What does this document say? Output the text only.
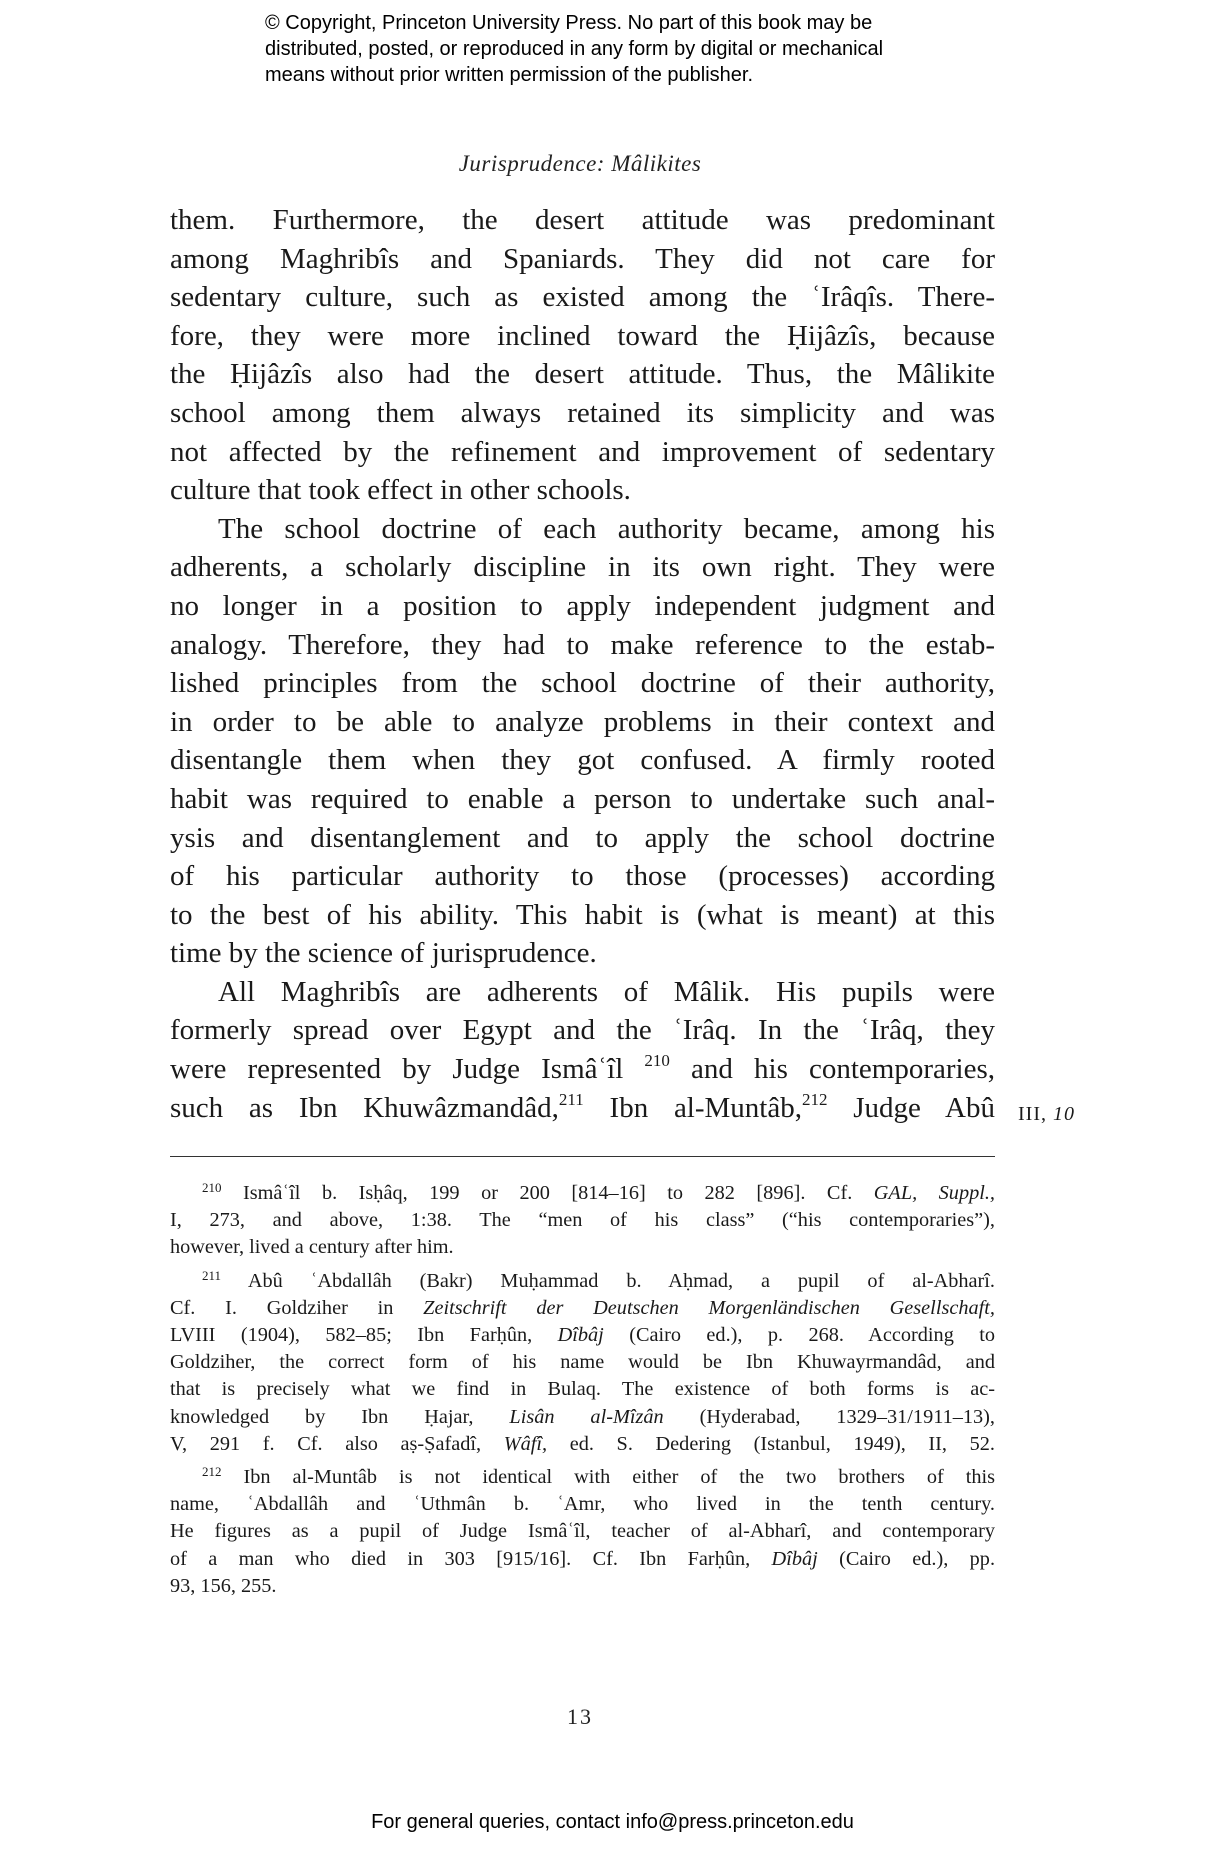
© Copyright, Princeton University Press. No part of this book may be
distributed, posted, or reproduced in any form by digital or mechanical
means without prior written permission of the publisher.
Jurisprudence: Mâlikites
them. Furthermore, the desert attitude was predominant
among Maghribîs and Spaniards. They did not care for
sedentary culture, such as existed among the ʿIrâqîs. There-
fore, they were more inclined toward the Ḥijâzîs, because
the Ḥijâzîs also had the desert attitude. Thus, the Mâlikite
school among them always retained its simplicity and was
not affected by the refinement and improvement of sedentary
culture that took effect in other schools.
The school doctrine of each authority became, among his
adherents, a scholarly discipline in its own right. They were
no longer in a position to apply independent judgment and
analogy. Therefore, they had to make reference to the estab-
lished principles from the school doctrine of their authority,
in order to be able to analyze problems in their context and
disentangle them when they got confused. A firmly rooted
habit was required to enable a person to undertake such anal-
ysis and disentanglement and to apply the school doctrine
of his particular authority to those (processes) according
to the best of his ability. This habit is (what is meant) at this
time by the science of jurisprudence.
All Maghribîs are adherents of Mâlik. His pupils were
formerly spread over Egypt and the ʿIrâq. In the ʿIrâq, they
were represented by Judge Ismâʿîl $^{210}$ and his contemporaries,
such as Ibn Khuwâzmandâd,$^{211}$ Ibn al-Muntâb,$^{212}$ Judge Abû III, 10
$^{210}$ Ismâʿîl b. Isḥâq, 199 or 200 [814–16] to 282 [896]. Cf. GAL, Suppl.,
I, 273, and above, 1:38. The “men of his class” (“his contemporaries”),
however, lived a century after him.
$^{211}$ Abû ʿAbdallâh (Bakr) Muḥammad b. Aḥmad, a pupil of al-Abharî.
Cf. I. Goldziher in Zeitschrift der Deutschen Morgenländischen Gesellschaft,
LVIII (1904), 582–85; Ibn Farḥûn, Dîbâj (Cairo ed.), p. 268. According to
Goldziher, the correct form of his name would be Ibn Khuwayrmandâd, and
that is precisely what we find in Bulaq. The existence of both forms is ac-
knowledged by Ibn Ḥajar, Lisân al-Mîzân (Hyderabad, 1329–31/1911–13),
V, 291 f. Cf. also aṣ-Ṣafadî, Wâfî, ed. S. Dedering (Istanbul, 1949), II, 52.
$^{212}$ Ibn al-Muntâb is not identical with either of the two brothers of this
name, ʿAbdallâh and ʿUthmân b. ʿAmr, who lived in the tenth century.
He figures as a pupil of Judge Ismâʿîl, teacher of al-Abharî, and contemporary
of a man who died in 303 [915/16]. Cf. Ibn Farḥûn, Dîbâj (Cairo ed.), pp.
93, 156, 255.
13
For general queries, contact info@press.princeton.edu
